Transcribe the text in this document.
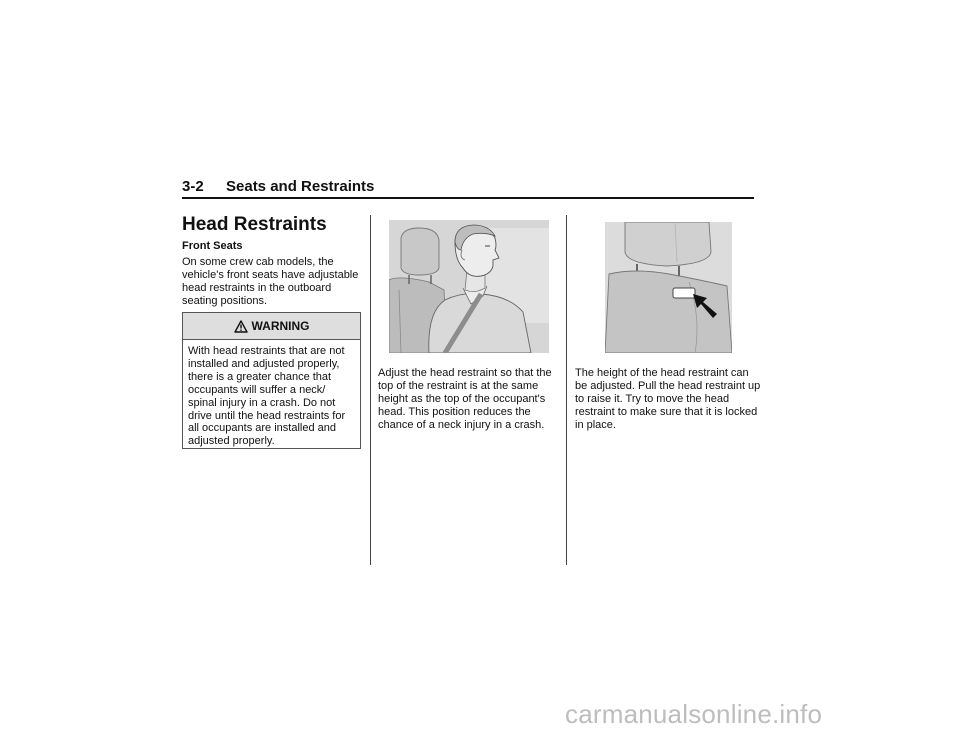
3-2 Seats and Restraints
Head Restraints
Front Seats

On some crew cab models, the vehicle's front seats have adjustable head restraints in the outboard seating positions.

WARNING

With head restraints that are not installed and adjusted properly, there is a greater chance that occupants will suffer a neck/ spinal injury in a crash. Do not drive until the head restraints for all occupants are installed and adjusted properly.

Adjust the head restraint so that the top of the restraint is at the same height as the top of the occupant's head. This position reduces the chance of a neck injury in a crash.

The height of the head restraint can be adjusted. Pull the head restraint up to raise it. Try to move the head restraint to make sure that it is locked in place.

carmanualsonline.info
